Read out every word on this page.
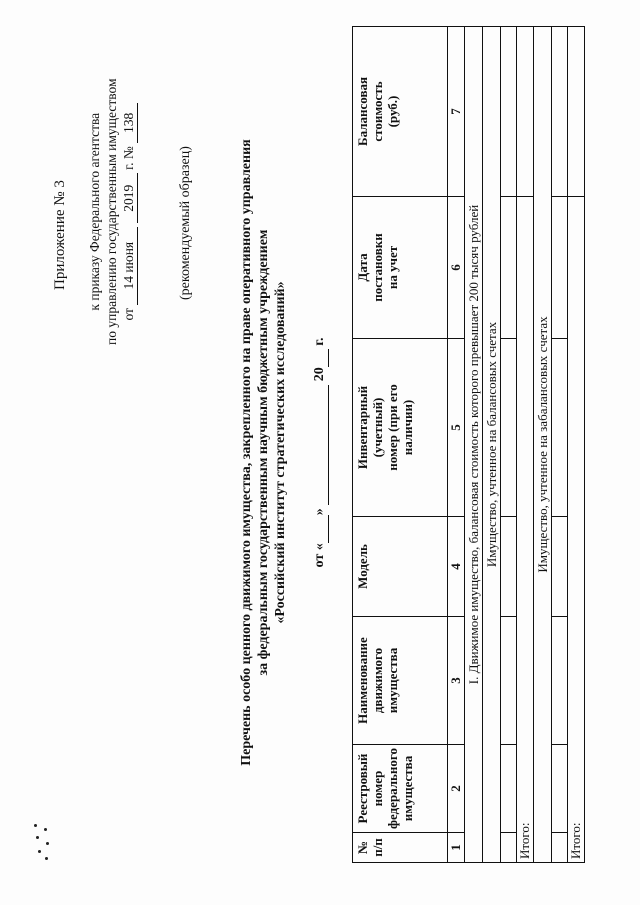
Приложение № 3 к приказу Федерального агентства по управлению государственным имуществом от 14 июня 2019 г. № 138
(рекомендуемый образец)	Перечень особо ценного движимого имущества, закрепленного на праве оперативного управления за федеральным государственным научным бюджетным учреждением «Российский институт стратегических исследований» от « »   20  г.
№ п/п	Реестровый номер федерального имущества	Наименование движимого имущества	Модель	Инвентарный (учетный) номер (при его наличии)	Дата постановки на учет	Балансовая стоимость (руб.)
1	2	3	4	5	6	7
I. Движимое имущество, балансовая стоимость которого превышает 200 тысяч рублей						
Имущество, учтенное на балансовых счетах						

Итого:						
Имущество, учтенное на забалансовых счетах						

Итого:						
